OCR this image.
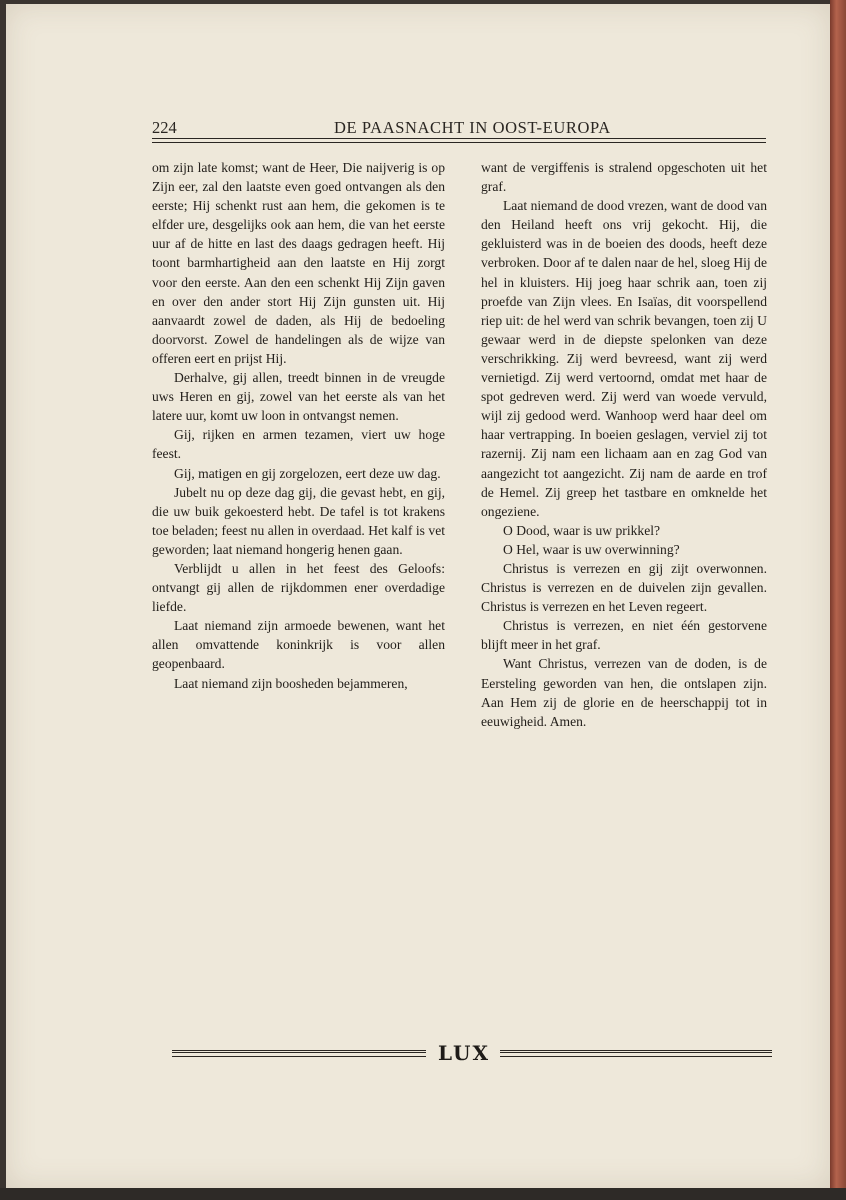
224	DE PAASNACHT IN OOST-EUROPA

om zijn late komst; want de Heer, Die naijverig is op Zijn eer, zal den laatste even goed ontvangen als den eerste; Hij schenkt rust aan hem, die gekomen is te elfder ure, desgelijks ook aan hem, die van het eerste uur af de hitte en last des daags gedragen heeft. Hij toont barmhartigheid aan den laatste en Hij zorgt voor den eerste. Aan den een schenkt Hij Zijn gaven en over den ander stort Hij Zijn gunsten uit. Hij aanvaardt zowel de daden, als Hij de bedoeling doorvorst. Zowel de handelingen als de wijze van offeren eert en prijst Hij.

Derhalve, gij allen, treedt binnen in de vreugde uws Heren en gij, zowel van het eerste als van het latere uur, komt uw loon in ontvangst nemen.

Gij, rijken en armen tezamen, viert uw hoge feest.

Gij, matigen en gij zorgelozen, eert deze uw dag.

Jubelt nu op deze dag gij, die gevast hebt, en gij, die uw buik gekoesterd hebt. De tafel is tot krakens toe beladen; feest nu allen in overdaad. Het kalf is vet geworden; laat niemand hongerig henen gaan.

Verblijdt u allen in het feest des Geloofs: ontvangt gij allen de rijkdommen ener overdadige liefde.

Laat niemand zijn armoede bewenen, want het allen omvattende koninkrijk is voor allen geopenbaard.

Laat niemand zijn boosheden bejammeren,

want de vergiffenis is stralend opgeschoten uit het graf.

Laat niemand de dood vrezen, want de dood van den Heiland heeft ons vrij gekocht. Hij, die gekluisterd was in de boeien des doods, heeft deze verbroken. Door af te dalen naar de hel, sloeg Hij de hel in kluisters. Hij joeg haar schrik aan, toen zij proefde van Zijn vlees. En Isaïas, dit voorspellend riep uit: de hel werd van schrik bevangen, toen zij U gewaar werd in de diepste spelonken van deze verschrikking. Zij werd bevreesd, want zij werd vernietigd. Zij werd vertoornd, omdat met haar de spot gedreven werd. Zij werd van woede vervuld, wijl zij gedood werd. Wanhoop werd haar deel om haar vertrapping. In boeien geslagen, verviel zij tot razernij. Zij nam een lichaam aan en zag God van aangezicht tot aangezicht. Zij nam de aarde en trof de Hemel. Zij greep het tastbare en omknelde het ongeziene.

O Dood, waar is uw prikkel?

O Hel, waar is uw overwinning?

Christus is verrezen en gij zijt overwonnen. Christus is verrezen en de duivelen zijn gevallen. Christus is verrezen en het Leven regeert.

Christus is verrezen, en niet één gestorvene blijft meer in het graf.

Want Christus, verrezen van de doden, is de Eersteling geworden van hen, die ontslapen zijn. Aan Hem zij de glorie en de heerschappij tot in eeuwigheid. Amen.

LUX
